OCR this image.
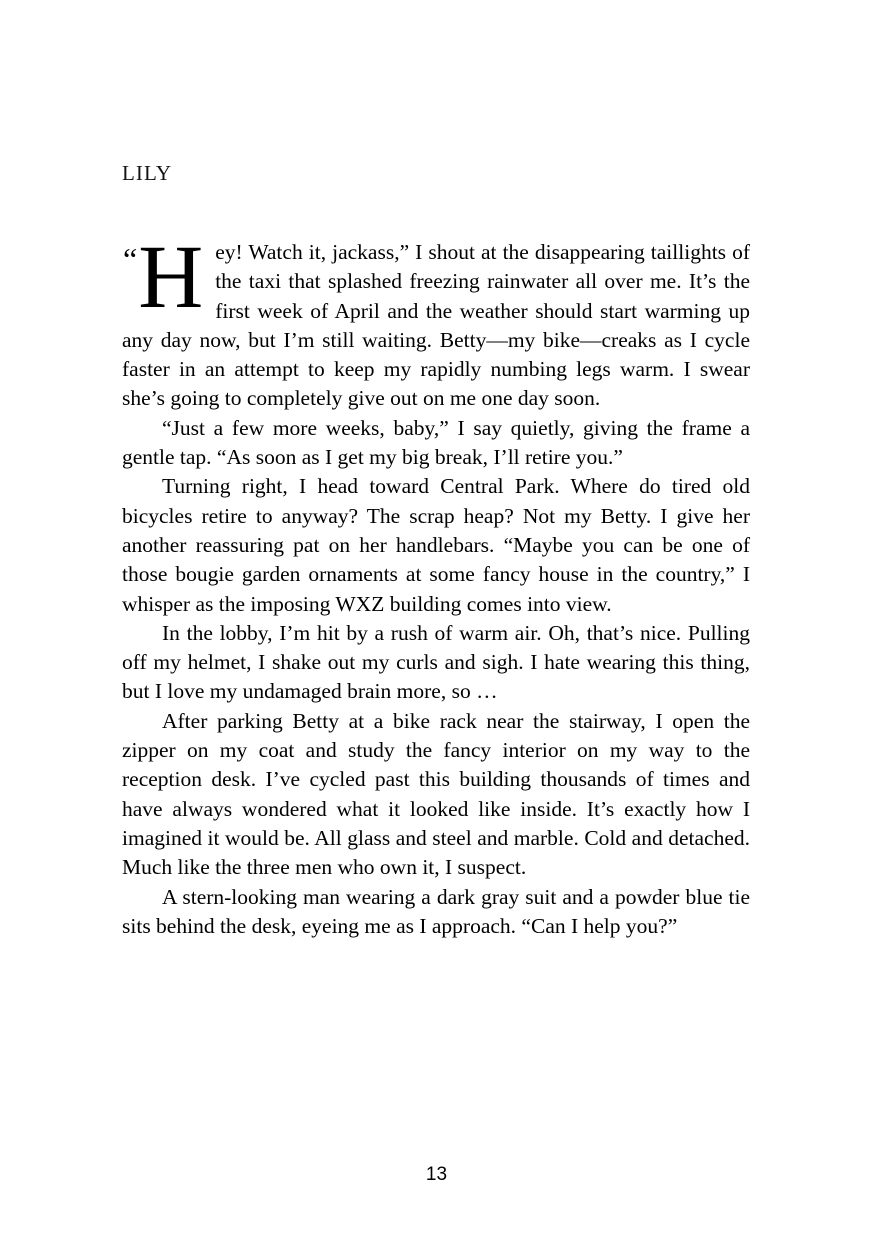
LILY

“ H ey! Watch it, jackass,” I shout at the disappearing taillights of the taxi that splashed freezing rainwater all over me. It’s the first week of April and the weather should start warming up any day now, but I’m still waiting. Betty—my bike—creaks as I cycle faster in an attempt to keep my rapidly numbing legs warm. I swear she’s going to completely give out on me one day soon.

“Just a few more weeks, baby,” I say quietly, giving the frame a gentle tap. “As soon as I get my big break, I’ll retire you.”

Turning right, I head toward Central Park. Where do tired old bicycles retire to anyway? The scrap heap? Not my Betty. I give her another reassuring pat on her handlebars. “Maybe you can be one of those bougie garden ornaments at some fancy house in the country,” I whisper as the imposing WXZ building comes into view.

In the lobby, I’m hit by a rush of warm air. Oh, that’s nice. Pulling off my helmet, I shake out my curls and sigh. I hate wearing this thing, but I love my undamaged brain more, so …

After parking Betty at a bike rack near the stairway, I open the zipper on my coat and study the fancy interior on my way to the reception desk. I’ve cycled past this building thousands of times and have always wondered what it looked like inside. It’s exactly how I imagined it would be. All glass and steel and marble. Cold and detached. Much like the three men who own it, I suspect.

A stern-looking man wearing a dark gray suit and a powder blue tie sits behind the desk, eyeing me as I approach. “Can I help you?”

13
